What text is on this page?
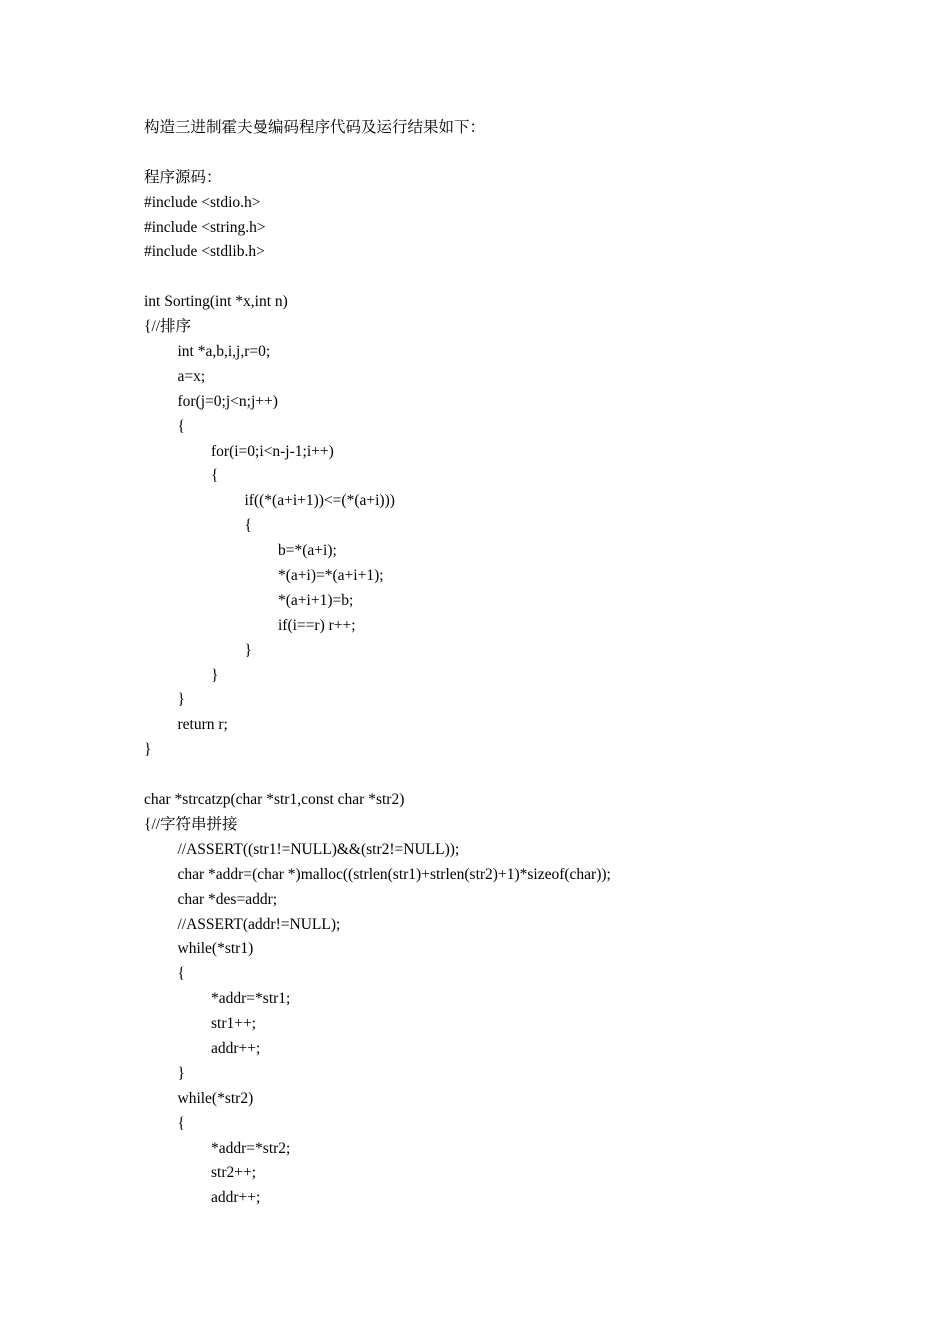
构造三进制霍夫曼编码程序代码及运行结果如下：
程序源码：
#include <stdio.h>
#include <string.h>
#include <stdlib.h>
int Sorting(int *x,int n)
{//排序
int *a,b,i,j,r=0;
a=x;
for(j=0;j<n;j++)
{
for(i=0;i<n-j-1;i++)
{
if((*(a+i+1))<=(*(a+i)))
{
b=*(a+i);
*(a+i)=*(a+i+1);
*(a+i+1)=b;
if(i==r) r++;
}
}
}
return r;
}
char *strcatzp(char *str1,const char *str2)
{//字符串拼接
//ASSERT((str1!=NULL)&&(str2!=NULL));
char *addr=(char *)malloc((strlen(str1)+strlen(str2)+1)*sizeof(char));
char *des=addr;
//ASSERT(addr!=NULL);
while(*str1)
{
*addr=*str1;
str1++;
addr++;
}
while(*str2)
{
*addr=*str2;
str2++;
addr++;
